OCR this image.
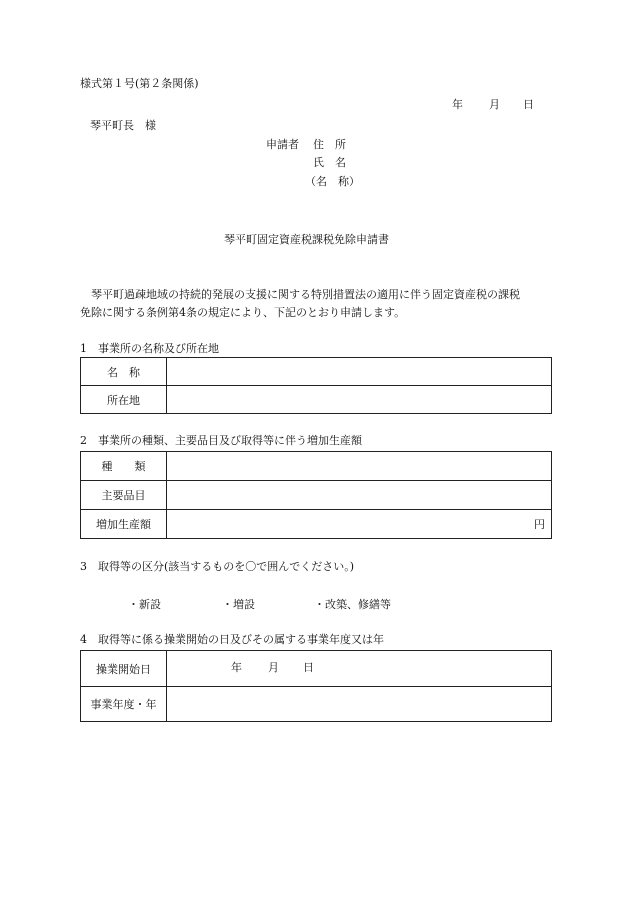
様式第１号(第２条関係)
年 月 日
琴平町長　様
申請者 住　所
氏　名
（名　称）
琴平町固定資産税課税免除申請書
　琴平町過疎地域の持続的発展の支援に関する特別措置法の適用に伴う固定資産税の課税
免除に関する条例第4条の規定により、下記のとおり申請します。
1　事業所の名称及び所在地
名　称	
所在地	
2　事業所の種類、主要品目及び取得等に伴う増加生産額
種　　類	
主要品目	
増加生産額	円
3　取得等の区分(該当するものを〇で囲んでください。)
・新設	・増設	・改築、修繕等
4　取得等に係る操業開始の日及びその属する事業年度又は年
操業開始日	年 月 日

事業年度・年	
